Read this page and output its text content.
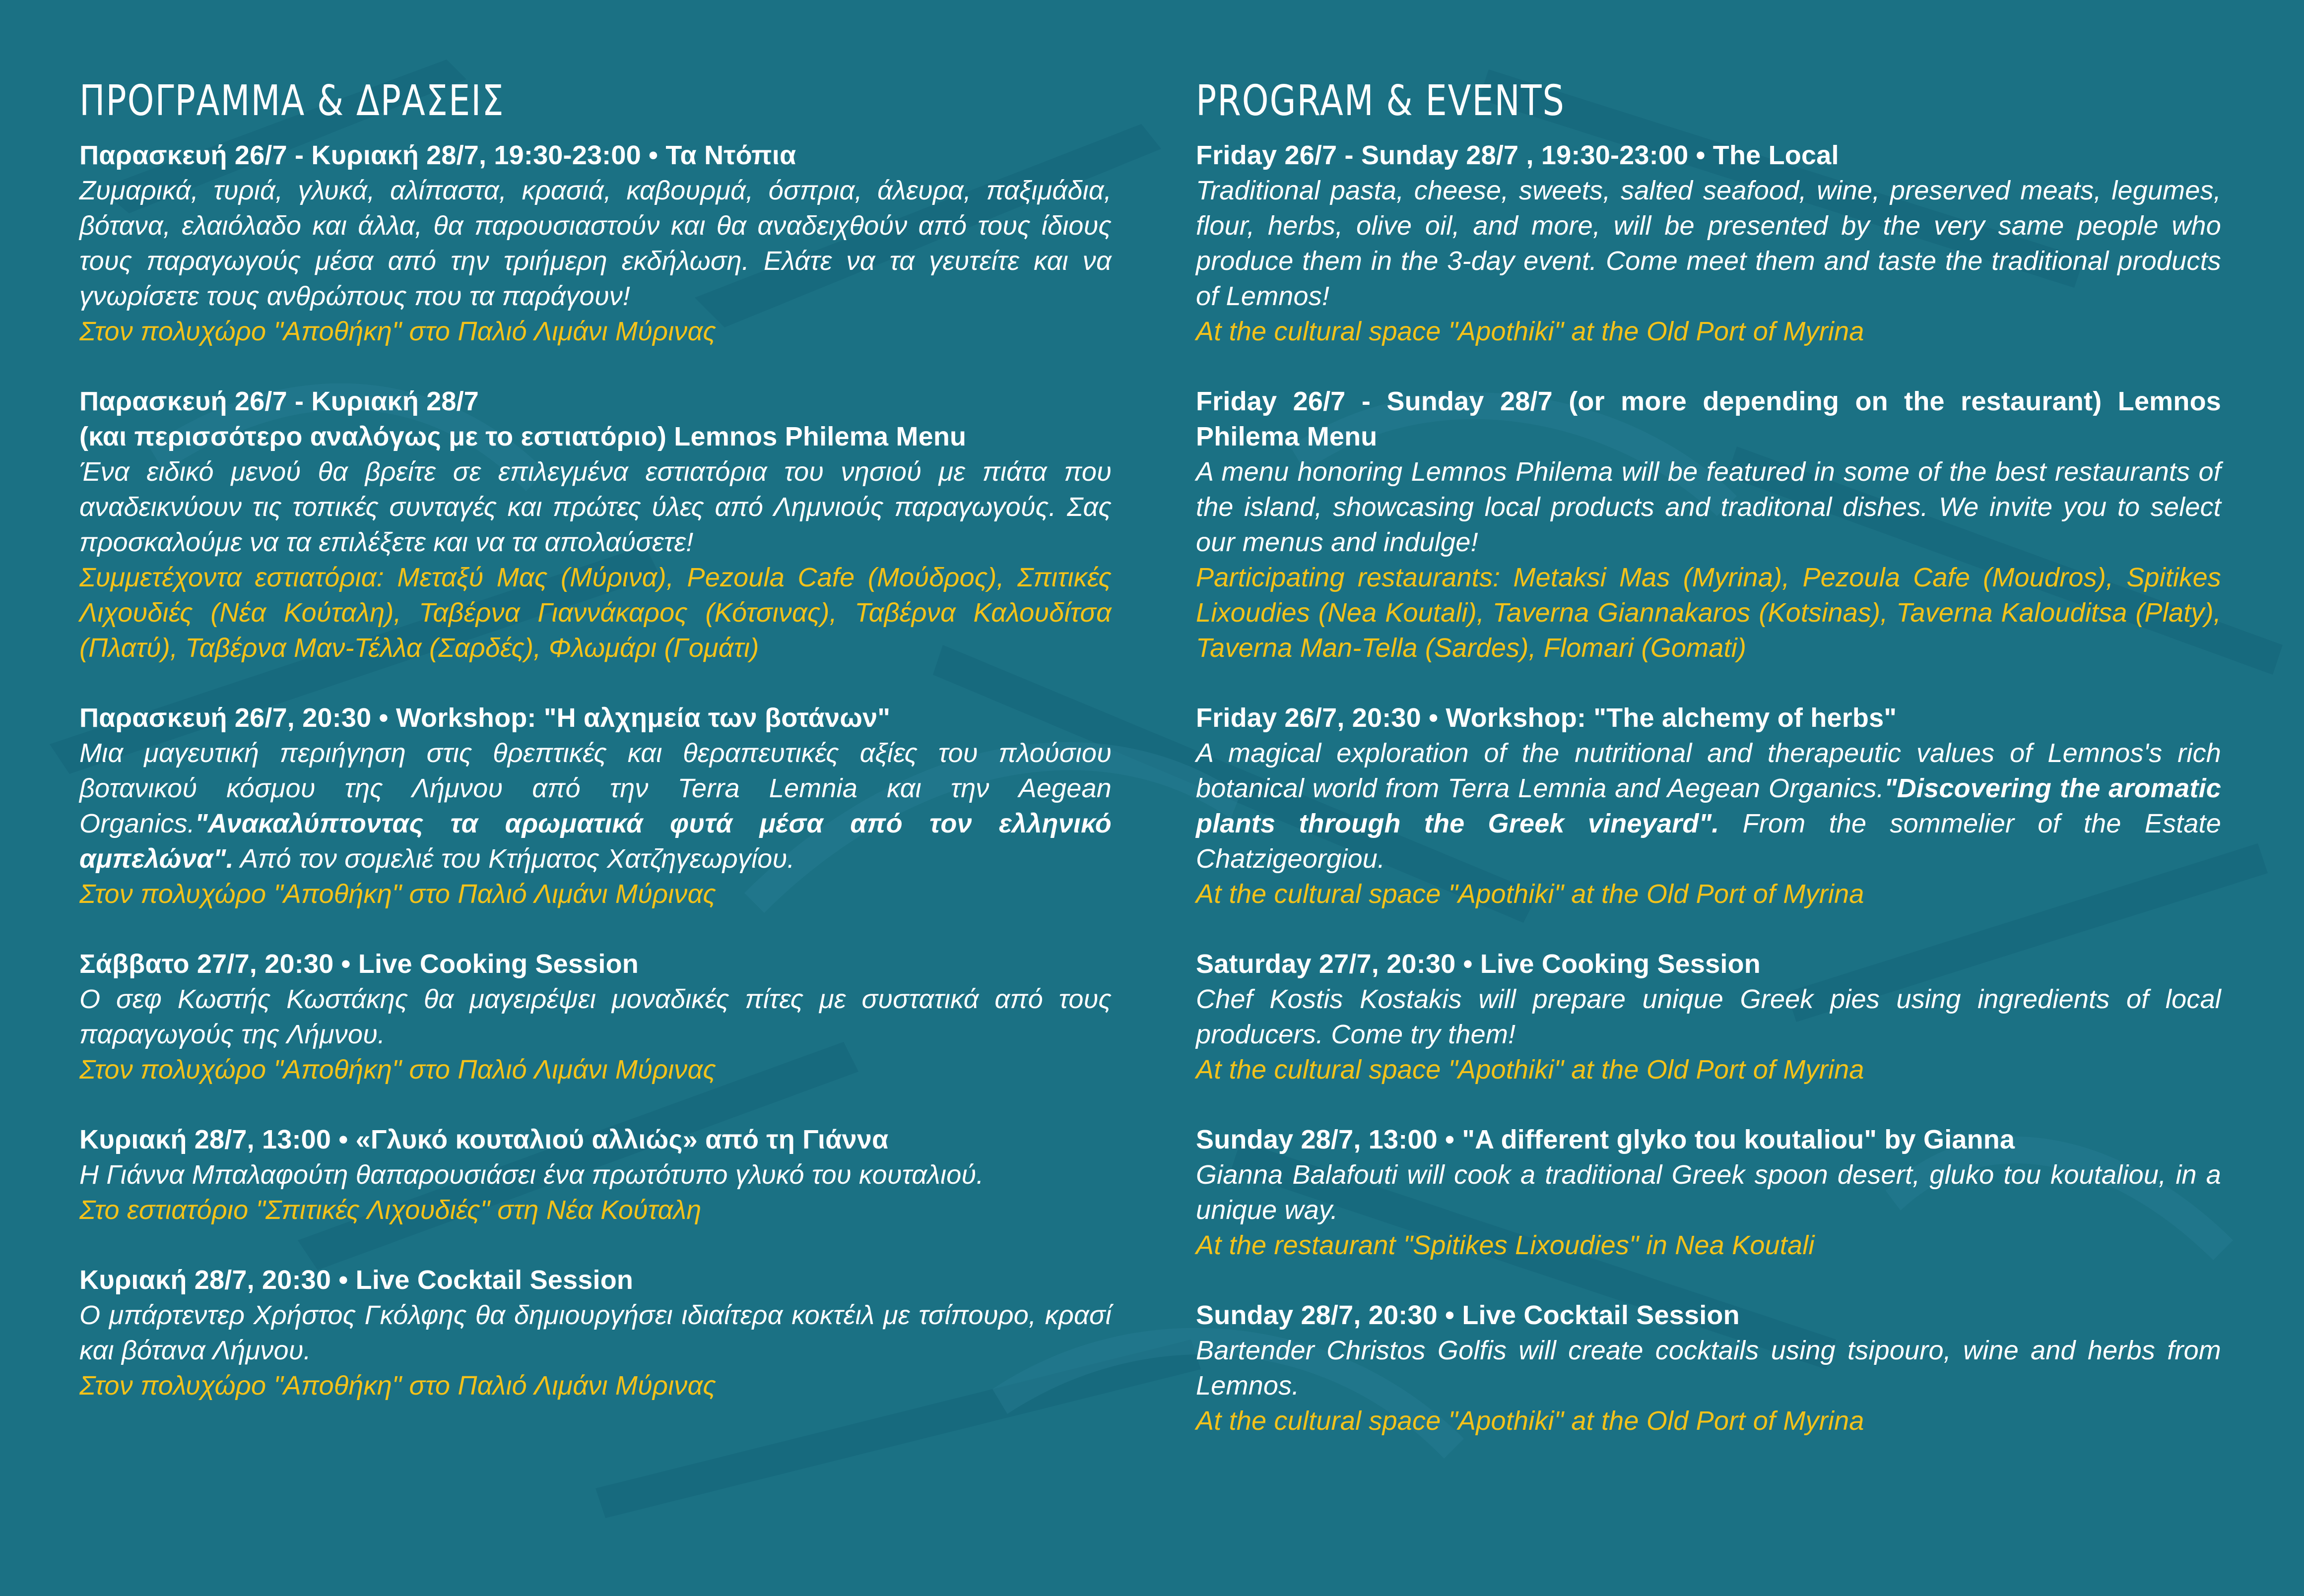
ΠΡΟΓΡΑΜΜΑ & ΔΡΑΣΕΙΣ
Παρασκευή 26/7 - Κυριακή 28/7, 19:30-23:00 • Τα Ντόπια
Ζυμαρικά, τυριά, γλυκά, αλίπαστα, κρασιά, καβουρμά, όσπρια, άλευρα, παξιμάδια, βότανα, ελαιόλαδο και άλλα, θα παρουσιαστούν και θα αναδειχθούν από τους ίδιους τους παραγωγούς μέσα από την τριήμερη εκδήλωση. Ελάτε να τα γευτείτε και να γνωρίσετε τους ανθρώπους που τα παράγουν!
Στον πολυχώρο "Αποθήκη" στο Παλιό Λιμάνι Μύρινας
Παρασκευή 26/7 - Κυριακή 28/7
(και περισσότερο αναλόγως με το εστιατόριο) Lemnos Philema Menu
Ένα ειδικό μενού θα βρείτε σε επιλεγμένα εστιατόρια του νησιού με πιάτα που αναδεικνύουν τις τοπικές συνταγές και πρώτες ύλες από Λημνιούς παραγωγούς. Σας προσκαλούμε να τα επιλέξετε και να τα απολαύσετε!
Συμμετέχοντα εστιατόρια: Μεταξύ Μας (Μύρινα), Pezoula Cafe (Μούδρος), Σπιτικές Λιχουδιές (Νέα Κούταλη), Ταβέρνα Γιαννάκαρος (Κότσινας), Ταβέρνα Καλουδίτσα (Πλατύ), Ταβέρνα Μαν-Τέλλα (Σαρδές), Φλωμάρι (Γομάτι)
Παρασκευή 26/7, 20:30 • Workshop: "Η αλχημεία των βοτάνων"
Μια μαγευτική περιήγηση στις θρεπτικές και θεραπευτικές αξίες του πλούσιου βοτανικού κόσμου της Λήμνου από την Terra Lemnia και την Aegean Organics."Ανακαλύπτοντας τα αρωματικά φυτά μέσα από τον ελληνικό αμπελώνα". Από τον σομελιέ του Κτήματος Χατζηγεωργίου.
Στον πολυχώρο "Αποθήκη" στο Παλιό Λιμάνι Μύρινας
Σάββατο 27/7, 20:30 • Live Cooking Session
Ο σεφ Κωστής Κωστάκης θα μαγειρέψει μοναδικές πίτες με συστατικά από τους παραγωγούς της Λήμνου.
Στον πολυχώρο "Αποθήκη" στο Παλιό Λιμάνι Μύρινας
Κυριακή 28/7, 13:00 • «Γλυκό κουταλιού αλλιώς» από τη Γιάννα
Η Γιάννα Μπαλαφούτη θαπαρουσιάσει ένα πρωτότυπο γλυκό του κουταλιού.
Στο εστιατόριο "Σπιτικές Λιχουδιές" στη Νέα Κούταλη
Κυριακή 28/7, 20:30 • Live Cocktail Session
Ο μπάρτεντερ Χρήστος Γκόλφης θα δημιουργήσει ιδιαίτερα κοκτέιλ με τσίπουρο, κρασί και βότανα Λήμνου.
Στον πολυχώρο "Αποθήκη" στο Παλιό Λιμάνι Μύρινας
PROGRAM & EVENTS
Friday 26/7 - Sunday 28/7 , 19:30-23:00 • The Local
Traditional pasta, cheese, sweets, salted seafood, wine, preserved meats, legumes, flour, herbs, olive oil, and more, will be presented by the very same people who produce them in the 3-day event. Come meet them and taste the traditional products of Lemnos!
At the cultural space "Apothiki" at the Old Port of Myrina
Friday 26/7 - Sunday 28/7 (or more depending on the restaurant) Lemnos Philema Menu
A menu honoring Lemnos Philema will be featured in some of the best restaurants of the island, showcasing local products and traditonal dishes. We invite you to select our menus and indulge!
Participating restaurants: Metaksi Mas (Myrina), Pezoula Cafe (Moudros), Spitikes Lixoudies (Nea Koutali), Taverna Giannakaros (Kotsinas), Taverna Kalouditsa (Platy), Taverna Man-Tella (Sardes), Flomari (Gomati)
Friday 26/7, 20:30 • Workshop: "The alchemy of herbs"
A magical exploration of the nutritional and therapeutic values of Lemnos's rich botanical world from Terra Lemnia and Aegean Organics."Discovering the aromatic plants through the Greek vineyard". From the sommelier of the Estate Chatzigeorgiou.
At the cultural space "Apothiki" at the Old Port of Myrina
Saturday 27/7, 20:30 • Live Cooking Session
Chef Kostis Kostakis will prepare unique Greek pies using ingredients of local producers. Come try them!
At the cultural space "Apothiki" at the Old Port of Myrina
Sunday 28/7, 13:00 • "A different glyko tou koutaliou" by Gianna
Gianna Balafouti will cook a traditional Greek spoon desert, gluko tou koutaliou, in a unique way.
At the restaurant "Spitikes Lixoudies" in Nea Koutali
Sunday 28/7, 20:30 • Live Cocktail Session
Bartender Christos Golfis will create cocktails using tsipouro, wine and herbs from Lemnos.
At the cultural space "Apothiki" at the Old Port of Myrina
